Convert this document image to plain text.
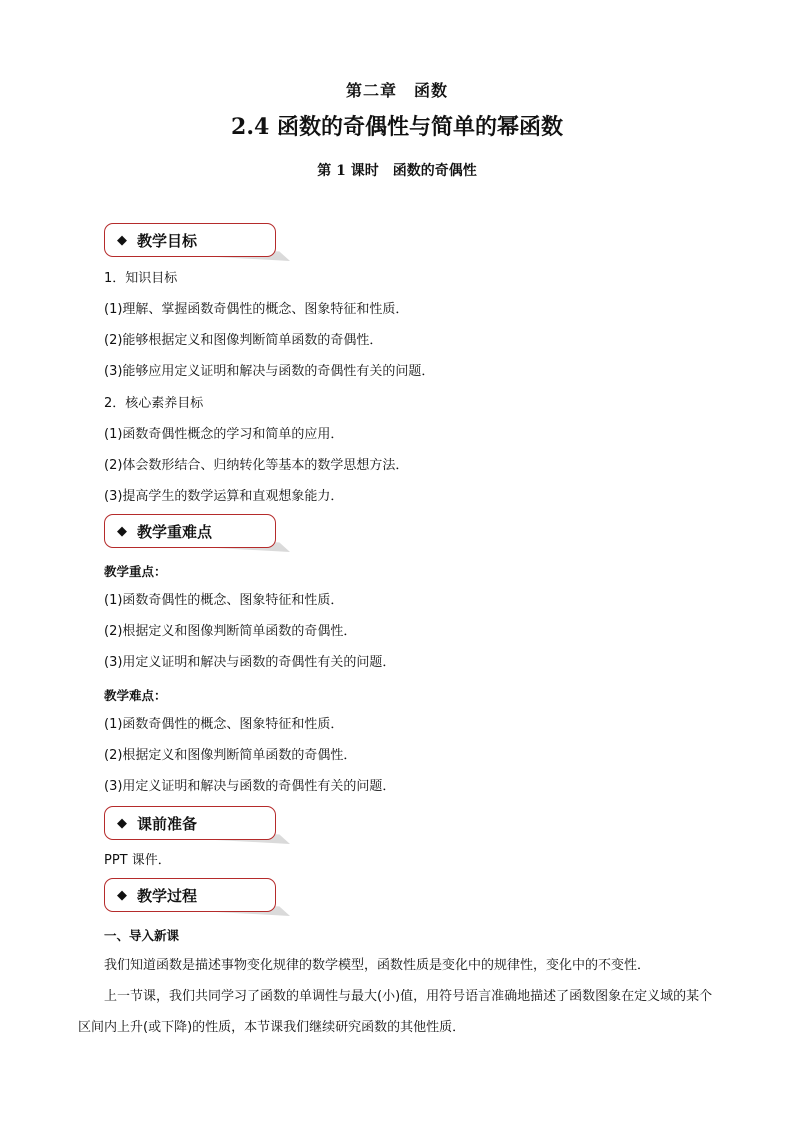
第二章　函数
2.4 函数的奇偶性与简单的幂函数
第 1 课时　函数的奇偶性
◆ 教学目标
1．知识目标
(1)理解、掌握函数奇偶性的概念、图象特征和性质．
(2)能够根据定义和图像判断简单函数的奇偶性．
(3)能够应用定义证明和解决与函数的奇偶性有关的问题．
2．核心素养目标
(1)函数奇偶性概念的学习和简单的应用．
(2)体会数形结合、归纳转化等基本的数学思想方法．
(3)提高学生的数学运算和直观想象能力．
◆ 教学重难点
教学重点：
(1)函数奇偶性的概念、图象特征和性质．
(2)根据定义和图像判断简单函数的奇偶性．
(3)用定义证明和解决与函数的奇偶性有关的问题．
教学难点：
(1)函数奇偶性的概念、图象特征和性质．
(2)根据定义和图像判断简单函数的奇偶性．
(3)用定义证明和解决与函数的奇偶性有关的问题．
◆ 课前准备
PPT 课件．
◆ 教学过程
一、导入新课
我们知道函数是描述事物变化规律的数学模型，函数性质是变化中的规律性，变化中的不变性．
上一节课，我们共同学习了函数的单调性与最大(小)值，用符号语言准确地描述了函数图象在定义域的某个区间内上升(或下降)的性质，本节课我们继续研究函数的其他性质．
